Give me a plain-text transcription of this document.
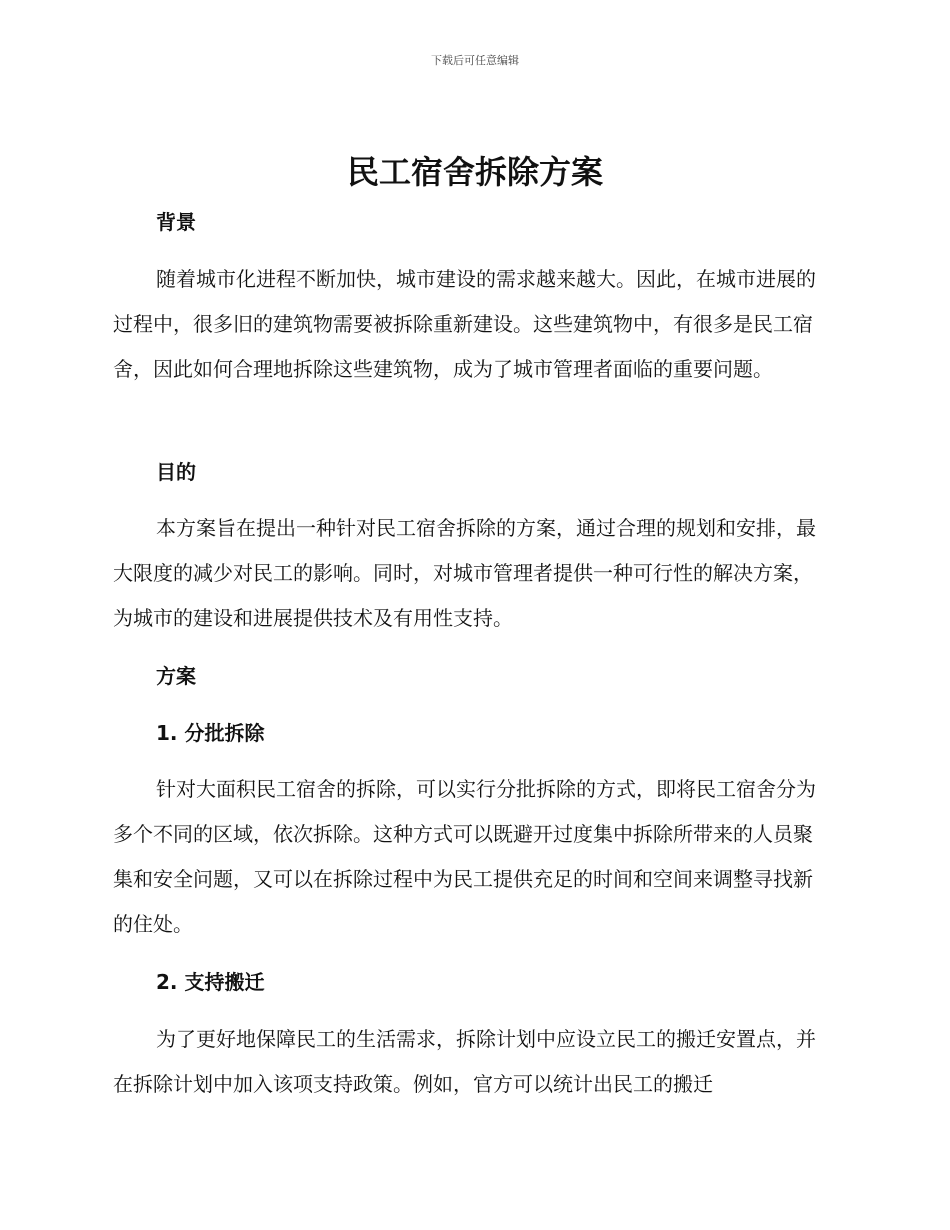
下载后可任意编辑
民工宿舍拆除方案
背景

随着城市化进程不断加快，城市建设的需求越来越大。因此，在城市进展的过程中，很多旧的建筑物需要被拆除重新建设。这些建筑物中，有很多是民工宿舍，因此如何合理地拆除这些建筑物，成为了城市管理者面临的重要问题。

目的

本方案旨在提出一种针对民工宿舍拆除的方案，通过合理的规划和安排，最大限度的减少对民工的影响。同时，对城市管理者提供一种可行性的解决方案，为城市的建设和进展提供技术及有用性支持。

方案
1. 分批拆除

针对大面积民工宿舍的拆除，可以实行分批拆除的方式，即将民工宿舍分为多个不同的区域，依次拆除。这种方式可以既避开过度集中拆除所带来的人员聚集和安全问题，又可以在拆除过程中为民工提供充足的时间和空间来调整寻找新的住处。

2. 支持搬迁

为了更好地保障民工的生活需求，拆除计划中应设立民工的搬迁安置点，并在拆除计划中加入该项支持政策。例如，官方可以统计出民工的搬迁
